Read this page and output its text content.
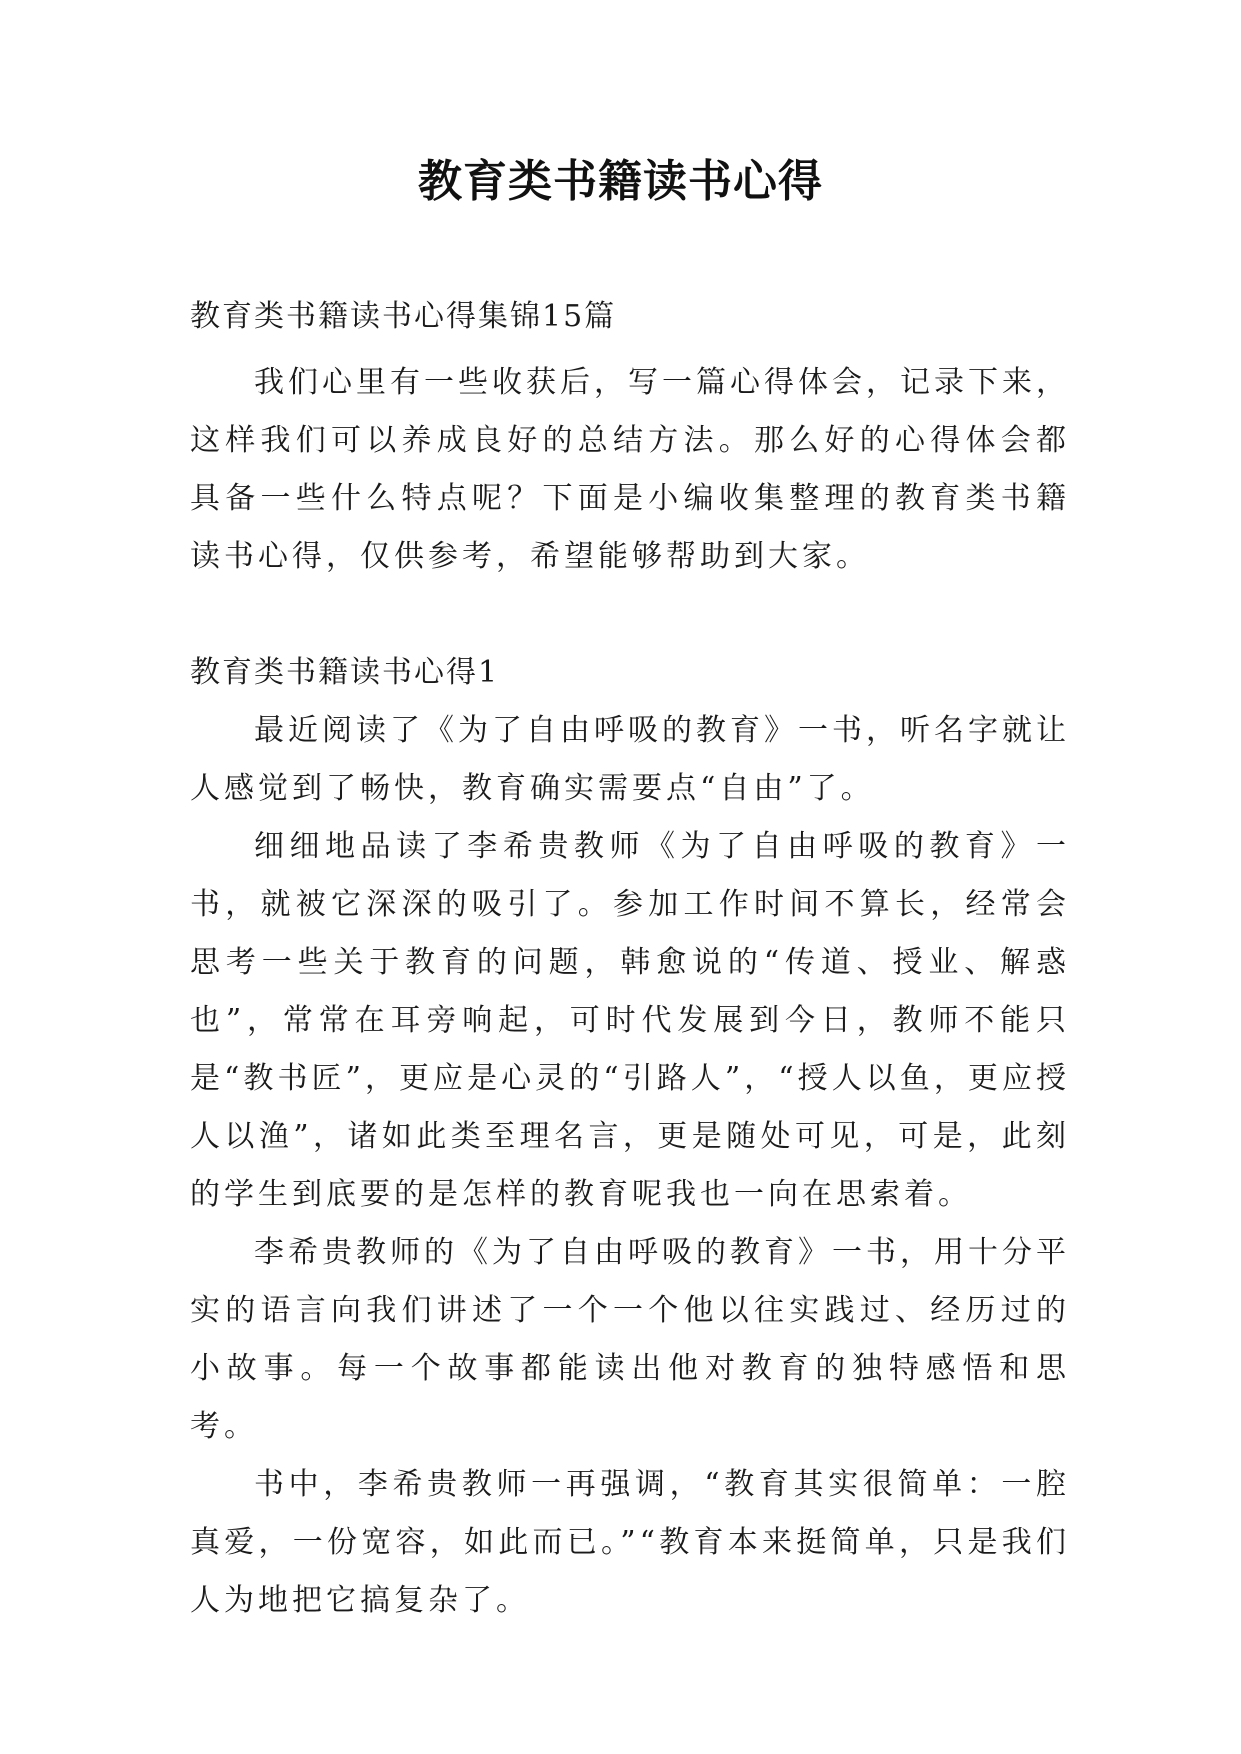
教育类书籍读书心得

教育类书籍读书心得集锦15篇

我们心里有一些收获后，写一篇心得体会，记录下来，这样我们可以养成良好的总结方法。那么好的心得体会都具备一些什么特点呢？下面是小编收集整理的教育类书籍读书心得，仅供参考，希望能够帮助到大家。

教育类书籍读书心得1

最近阅读了《为了自由呼吸的教育》一书，听名字就让人感觉到了畅快，教育确实需要点“自由”了。

细细地品读了李希贵教师《为了自由呼吸的教育》一书，就被它深深的吸引了。参加工作时间不算长，经常会思考一些关于教育的问题，韩愈说的“传道、授业、解惑也”，常常在耳旁响起，可时代发展到今日，教师不能只是“教书匠”，更应是心灵的“引路人”，“授人以鱼，更应授人以渔”，诸如此类至理名言，更是随处可见，可是，此刻的学生到底要的是怎样的教育呢我也一向在思索着。

李希贵教师的《为了自由呼吸的教育》一书，用十分平实的语言向我们讲述了一个一个他以往实践过、经历过的小故事。每一个故事都能读出他对教育的独特感悟和思考。

书中，李希贵教师一再强调，“教育其实很简单：一腔真爱，一份宽容，如此而已。”“教育本来挺简单，只是我们人为地把它搞复杂了。
